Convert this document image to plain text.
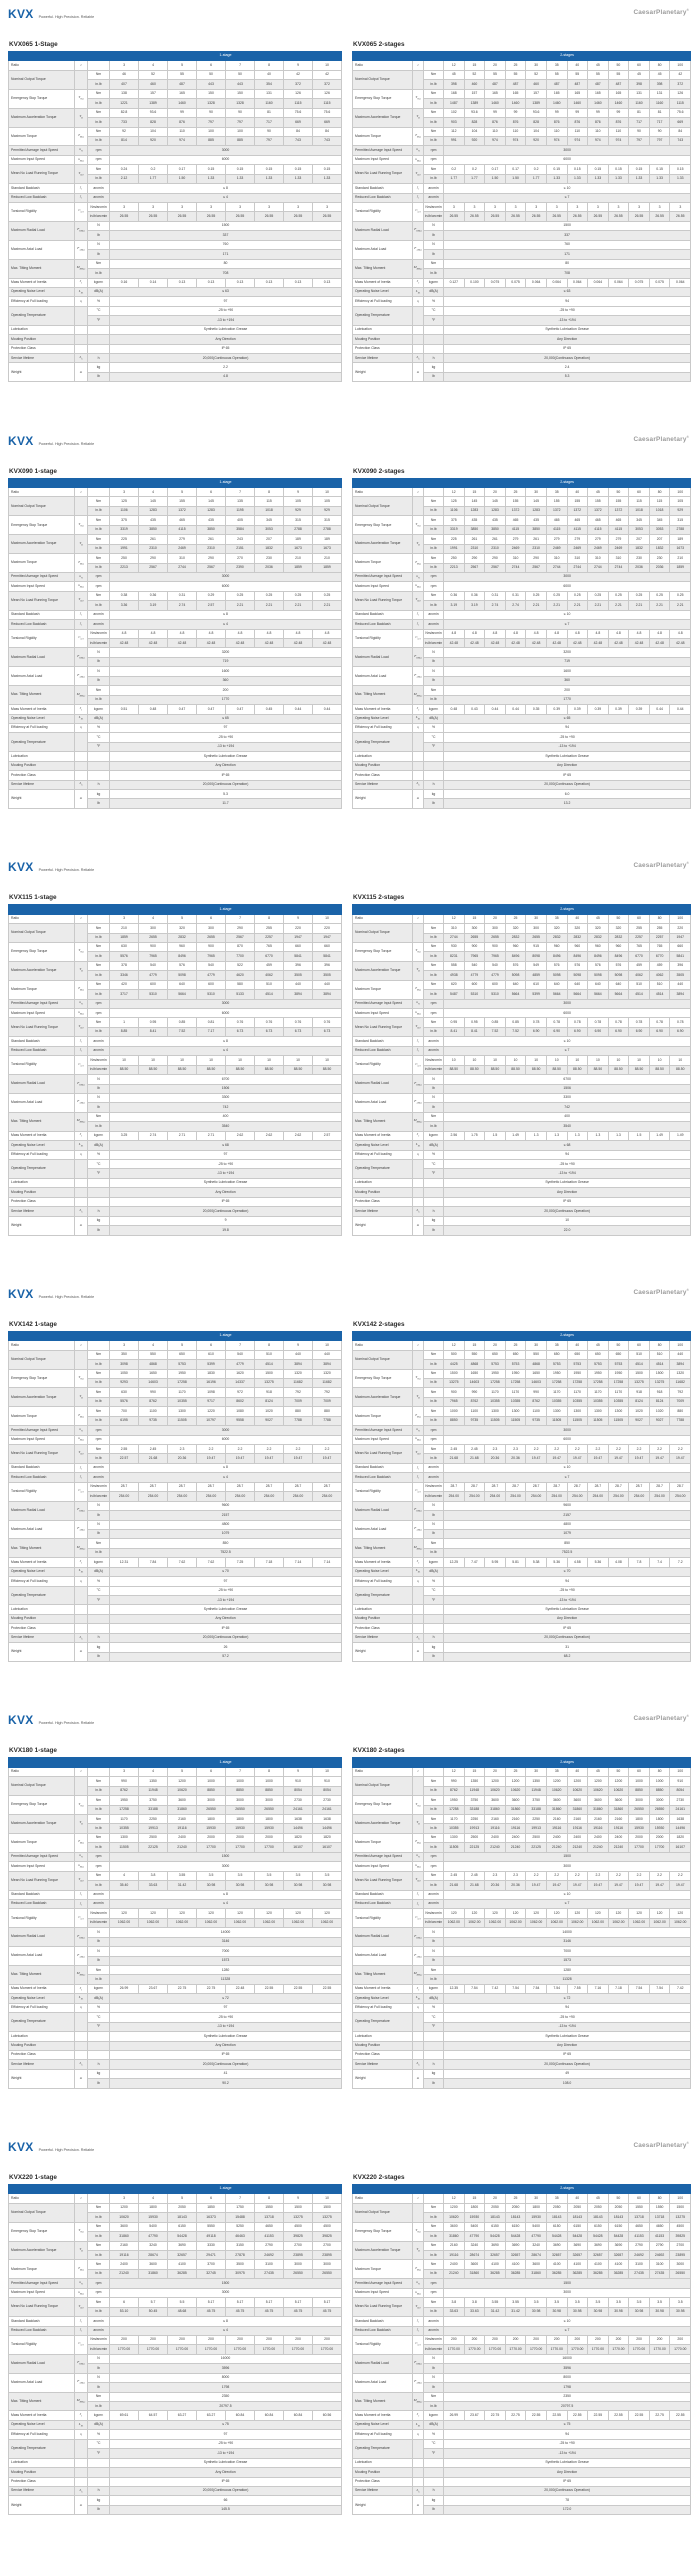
KVX Powerful. High Precision. Reliable
CaesarPlanetary®
KVX065 1-Stage
			1-stage							
Ratio	i		3	4	5	6	7	8	9	10
Nominal Output Torque		Nm	46	52	55	50	50	40	42	42
		in.lb	407	460	487	443	443	354	372	372
Emergency Stop Torque	$T_{Not}$	Nm	138	157	165	150	150	131	126	126
		in.lb	1221	1389	1460	1328	1328	1160	1115	1115
Maximum Acceleration Torque	$T_B$	Nm	82.8	93.6	99	90	90	81	75.6	75.6
		in.lb	733	828	876	797	797	717	669	669
Maximum Torque	$T_{Max}$	Nm	92	104	110	100	100	90	84	84
		in.lb	814	920	974	885	885	797	743	743
Permitted Average Input Speed	$n_N$	rpm	3000							
Maximum Input Speed	$n_{Max}$	rpm	6000							
Mean No Load Running Torque	$T_{012}$	Nm	0.24	0.2	0.17	0.15	0.15	0.15	0.15	0.15
		in.lb	2.12	1.77	1.50	1.33	1.33	1.33	1.33	1.33
Standard Backlash	$j_t$	arcmin	≤ 8							
Reduced Low Backlash	$j_t$	arcmin	≤ 4							
Torsional Rigidity	$C_{t21}$	Nm/arcmin	3	3	3	3	3	3	3	3
		in.lb/arcmin	26.55	26.55	26.55	26.55	26.55	26.55	26.55	26.55
Maximum Radial Load	$F_{RMax}$	N	1500							
		lb	337							
Maximum Axial Load	$F_{AMax}$	N	760							
		lb	171							
Max. Tilting Moment	$M_{KMax}$	Nm	80							
		in.lb	708							
Mass Moment of Inertia	$J_1$	kgcm²	0.16	0.14	0.13	0.13	0.13	0.13	0.13	0.13
Operating Noise Level	$L_{PA}$	dB(A)	≤ 63							
Efficiency at Full loading	η	%	97							
Operating Temperature		°C	-25 to +90							
		°F	-13 to +194							
Lubrication			Synthetic Lubrication Grease							
Mouting Position			Any Direction							
Protection Class			IP 65							
Service lifetime	$L_h$	h	20,000(Continuous Operation)							
Weight	m	kg	2.2							
		lb	4.8							
KVX065 2-stages
			2-stages											
Ratio	i		12	15	20	25	30	35	40	45	50	60	80	100
Nominal Output Torque		Nm	45	52	55	55	52	55	55	55	55	45	45	42
		in.lb	398	460	487	487	460	487	487	487	487	398	398	372
Emergency Stop Torque	$T_{Not}$	Nm	168	157	165	165	157	165	165	165	165	131	131	126
		in.lb	1487	1389	1460	1460	1389	1460	1460	1460	1460	1160	1160	1115
Maximum Acceleration Torque	$T_B$	Nm	102	93.6	99	99	93.6	99	99	99	99	81	81	75.6
		in.lb	903	828	876	876	828	876	876	876	876	717	717	669
Maximum Torque	$T_{Max}$	Nm	112	104	110	110	104	110	110	110	110	90	90	84
		in.lb	991	920	974	974	920	974	974	974	974	797	797	743
Permitted Average Input Speed	$n_N$	rpm	3000											
Maximum Input Speed	$n_{Max}$	rpm	6000											
Mean No Load Running Torque	$T_{012}$	Nm	0.2	0.2	0.17	0.17	0.2	0.15	0.15	0.15	0.15	0.15	0.15	0.15
		in.lb	1.77	1.77	1.50	1.50	1.77	1.33	1.33	1.33	1.33	1.33	1.33	1.33
Standard Backlash	$j_t$	arcmin	≤ 10											
Reduced Low Backlash	$j_t$	arcmin	≤ 7											
Torsional Rigidity	$C_{t21}$	Nm/arcmin	3	3	3	3	3	3	3	3	3	3	3	3
		in.lb/arcmin	26.55	26.55	26.55	26.55	26.55	26.55	26.55	26.55	26.55	26.55	26.55	26.55
Maximum Radial Load	$F_{RMax}$	N	1500											
		lb	337											
Maximum Axial Load	$F_{AMax}$	N	760											
		lb	171											
Max. Tilting Moment	$M_{KMax}$	Nm	80											
		in.lb	708											
Mass Moment of Inertia	$J_1$	kgcm²	0.127	0.100	0.075	0.075	0.064	0.064	0.064	0.064	0.064	0.075	0.075	0.064
Operating Noise Level	$L_{PA}$	dB(A)	≤ 63											
Efficiency at Full loading	η	%	94											
Operating Temperature		°C	-25 to +90											
		°F	-13 to +194											
Lubrication			Synthetic Lubrication Grease											
Mouting Position			Any Direction											
Protection Class			IP 65											
Service lifetime	$L_h$	h	20,000(Continuous Operation)											
Weight	m	kg	2.4											
		lb	5.3											
KVX Powerful. High Precision. Reliable
CaesarPlanetary®
KVX090 1-stage
			1-stage							
Ratio	i		3	4	5	6	7	8	9	10
Nominal Output Torque		Nm	125	145	155	145	135	115	105	105
		in.lb	1106	1283	1372	1283	1195	1018	929	929
Emergency Stop Torque	$T_{Not}$	Nm	375	435	465	435	405	345	315	315
		in.lb	3319	3850	4115	3850	3584	3053	2788	2788
Maximum Acceleration Torque	$T_B$	Nm	225	261	279	261	243	207	189	189
		in.lb	1991	2310	2469	2310	2151	1832	1673	1673
Maximum Torque	$T_{Max}$	Nm	250	290	310	290	270	230	210	210
		in.lb	2213	2567	2744	2567	2390	2036	1859	1859
Permitted Average Input Speed	$n_N$	rpm	3000							
Maximum Input Speed	$n_{Max}$	rpm	6000							
Mean No Load Running Torque	$T_{012}$	Nm	0.38	0.36	0.31	0.29	0.25	0.25	0.25	0.25
		in.lb	3.36	3.19	2.74	2.57	2.21	2.21	2.21	2.21
Standard Backlash	$j_t$	arcmin	≤ 8							
Reduced Low Backlash	$j_t$	arcmin	≤ 4							
Torsional Rigidity	$C_{t21}$	Nm/arcmin	4.8	4.8	4.8	4.8	4.8	4.8	4.8	4.8
		in.lb/arcmin	42.48	42.48	42.48	42.48	42.48	42.48	42.48	42.48
Maximum Radial Load	$F_{RMax}$	N	3200							
		lb	719							
Maximum Axial Load	$F_{AMax}$	N	1600							
		lb	360							
Max. Tilting Moment	$M_{KMax}$	Nm	200							
		in.lb	1770							
Mass Moment of Inertia	$J_1$	kgcm²	0.51	0.48	0.47	0.47	0.47	0.45	0.44	0.44
Operating Noise Level	$L_{PA}$	dB(A)	≤ 65							
Efficiency at Full loading	η	%	97							
Operating Temperature		°C	-25 to +90							
		°F	-13 to +194							
Lubrication			Synthetic Lubrication Grease							
Mouting Position			Any Direction							
Protection Class			IP 65							
Service lifetime	$L_h$	h	20,000(Continuous Operation)							
Weight	m	kg	5.3							
		lb	11.7							
KVX090 2-stages
			2-stages											
Ratio	i		12	15	20	25	30	35	40	45	50	60	80	100
Nominal Output Torque		Nm	125	145	145	155	145	155	155	155	155	115	115	105
		in.lb	1106	1283	1283	1372	1283	1372	1372	1372	1372	1018	1018	929
Emergency Stop Torque	$T_{Not}$	Nm	375	435	435	465	435	465	465	465	465	345	345	315
		in.lb	3319	3850	3850	4115	3850	4115	4115	4115	4115	3053	3053	2788
Maximum Acceleration Torque	$T_B$	Nm	225	261	261	279	261	279	279	279	279	207	207	189
		in.lb	1991	2310	2310	2469	2310	2469	2469	2469	2469	1832	1832	1673
Maximum Torque	$T_{Max}$	Nm	250	290	290	310	290	310	310	310	310	230	230	210
		in.lb	2213	2567	2567	2744	2567	2744	2744	2744	2744	2036	2036	1859
Permitted Average Input Speed	$n_N$	rpm	3000											
Maximum Input Speed	$n_{Max}$	rpm	6000											
Mean No Load Running Torque	$T_{012}$	Nm	0.36	0.36	0.31	0.31	0.25	0.25	0.25	0.25	0.25	0.25	0.25	0.25
		in.lb	3.19	3.19	2.74	2.74	2.21	2.21	2.21	2.21	2.21	2.21	2.21	2.21
Standard Backlash	$j_t$	arcmin	≤ 10											
Reduced Low Backlash	$j_t$	arcmin	≤ 7											
Torsional Rigidity	$C_{t21}$	Nm/arcmin	4.8	4.8	4.8	4.8	4.8	4.8	4.8	4.8	4.8	4.8	4.8	4.8
		in.lb/arcmin	42.48	42.48	42.48	42.48	42.48	42.48	42.48	42.48	42.48	42.48	42.48	42.48
Maximum Radial Load	$F_{RMax}$	N	3200											
		lb	719											
Maximum Axial Load	$F_{AMax}$	N	1600											
		lb	360											
Max. Tilting Moment	$M_{KMax}$	Nm	200											
		in.lb	1770											
Mass Moment of Inertia	$J_1$	kgcm²	0.48	0.43	0.44	0.44	0.35	0.39	0.39	0.39	0.39	0.39	0.44	0.44
Operating Noise Level	$L_{PA}$	dB(A)	≤ 65											
Efficiency at Full loading	η	%	94											
Operating Temperature		°C	-25 to +90											
		°F	-13 to +194											
Lubrication			Synthetic Lubrication Grease											
Mouting Position			Any Direction											
Protection Class			IP 65											
Service lifetime	$L_h$	h	20,000(Continuous Operation)											
Weight	m	kg	6.0											
		lb	13.2											
KVX Powerful. High Precision. Reliable
CaesarPlanetary®
KVX115 1-stage
			1-stage							
Ratio	i		3	4	5	6	7	8	9	10
Nominal Output Torque		Nm	210	300	320	300	290	255	220	220
		in.lb	1859	2655	2832	2655	2567	2257	1947	1947
Emergency Stop Torque	$T_{Not}$	Nm	630	900	960	900	870	765	660	660
		in.lb	5576	7965	8496	7965	7700	6770	5841	5841
Maximum Acceleration Torque	$T_B$	Nm	378	540	576	540	522	459	396	396
		in.lb	3346	4779	5098	4779	4620	4062	3505	3505
Maximum Torque	$T_{Max}$	Nm	420	600	640	600	580	510	440	440
		in.lb	3717	5310	5664	5310	5133	4514	3894	3894
Permitted Average Input Speed	$n_N$	rpm	3000							
Maximum Input Speed	$n_{Max}$	rpm	6000							
Mean No Load Running Torque	$T_{012}$	Nm	1	0.95	0.85	0.81	0.76	0.76	0.76	0.76
		in.lb	8.85	8.41	7.52	7.17	6.73	6.73	6.73	6.73
Standard Backlash	$j_t$	arcmin	≤ 8							
Reduced Low Backlash	$j_t$	arcmin	≤ 4							
Torsional Rigidity	$C_{t21}$	Nm/arcmin	10	10	10	10	10	10	10	10
		in.lb/arcmin	88.50	88.50	88.50	88.50	88.50	88.50	88.50	88.50
Maximum Radial Load	$F_{RMax}$	N	6700							
		lb	1506							
Maximum Axial Load	$F_{AMax}$	N	3300							
		lb	742							
Max. Tilting Moment	$M_{KMax}$	Nm	400							
		in.lb	3540							
Mass Moment of Inertia	$J_1$	kgcm²	3.25	2.74	2.71	2.71	2.62	2.62	2.62	2.57
Operating Noise Level	$L_{PA}$	dB(A)	≤ 68							
Efficiency at Full loading	η	%	97							
Operating Temperature		°C	-25 to +90							
		°F	-13 to +194							
Lubrication			Synthetic Lubrication Grease							
Mouting Position			Any Direction							
Protection Class			IP 65							
Service lifetime	$L_h$	h	20,000(Continuous Operation)							
Weight	m	kg	9							
		lb	19.8							
KVX115 2-stages
			2-stages											
Ratio	i		12	15	20	25	30	35	40	45	50	60	80	100
Nominal Output Torque		Nm	310	300	300	320	300	320	320	320	320	255	255	220
		in.lb	2744	2655	2655	2832	2655	2832	2832	2832	2832	2257	2257	1947
Emergency Stop Torque	$T_{Not}$	Nm	930	900	900	960	915	960	960	960	960	765	765	660
		in.lb	8231	7965	7965	8496	8098	8496	8496	8496	8496	6770	6770	5841
Maximum Acceleration Torque	$T_B$	Nm	558	540	540	576	549	576	576	576	576	459	459	396
		in.lb	4938	4779	4779	5098	4859	5098	5098	5098	5098	4062	4062	3505
Maximum Torque	$T_{Max}$	Nm	620	600	600	640	610	640	640	640	640	510	510	440
		in.lb	5487	5310	5310	5664	5399	5664	5664	5664	5664	4514	4514	3894
Permitted Average Input Speed	$n_N$	rpm	3000											
Maximum Input Speed	$n_{Max}$	rpm	6000											
Mean No Load Running Torque	$T_{012}$	Nm	0.95	0.95	0.85	0.85	0.78	0.78	0.78	0.78	0.78	0.78	0.78	0.78
		in.lb	8.41	8.41	7.52	7.52	6.90	6.90	6.90	6.90	6.90	6.90	6.90	6.90
Standard Backlash	$j_t$	arcmin	≤ 10											
Reduced Low Backlash	$j_t$	arcmin	≤ 7											
Torsional Rigidity	$C_{t21}$	Nm/arcmin	10	10	10	10	10	10	10	10	10	10	10	10
		in.lb/arcmin	88.50	88.50	88.50	88.50	88.50	88.50	88.50	88.50	88.50	88.50	88.50	88.50
Maximum Radial Load	$F_{RMax}$	N	6700											
		lb	1506											
Maximum Axial Load	$F_{AMax}$	N	3300											
		lb	742											
Max. Tilting Moment	$M_{KMax}$	Nm	400											
		in.lb	3540											
Mass Moment of Inertia	$J_1$	kgcm²	2.56	1.75	1.5	1.49	1.3	1.3	1.3	1.3	1.3	1.5	1.49	1.49
Operating Noise Level	$L_{PA}$	dB(A)	≤ 68											
Efficiency at Full loading	η	%	94											
Operating Temperature		°C	-25 to +90											
		°F	-13 to +194											
Lubrication			Synthetic Lubrication Grease											
Mouting Position			Any Direction											
Protection Class			IP 65											
Service lifetime	$L_h$	h	20,000(Continuous Operation)											
Weight	m	kg	10											
		lb	22.0											
KVX Powerful. High Precision. Reliable
CaesarPlanetary®
KVX142 1-stage
			1-stage							
Ratio	i		3	4	5	6	7	8	9	10
Nominal Output Torque		Nm	350	550	650	610	540	510	440	440
		in.lb	3098	4868	5753	5399	4779	4514	3894	3894
Emergency Stop Torque	$T_{Not}$	Nm	1050	1650	1950	1830	1620	1500	1320	1320
		in.lb	9293	14603	17258	16196	14337	13275	11682	11682
Maximum Acceleration Torque	$T_B$	Nm	630	990	1170	1098	972	918	792	792
		in.lb	5576	8762	10355	9717	8602	8124	7009	7009
Maximum Torque	$T_{Max}$	Nm	700	1100	1300	1220	1080	1020	880	880
		in.lb	6195	9735	11505	10797	9558	9027	7788	7788
Permitted Average Input Speed	$n_N$	rpm	3000							
Maximum Input Speed	$n_{Max}$	rpm	6000							
Mean No Load Running Torque	$T_{012}$	Nm	2.55	2.45	2.3	2.2	2.2	2.2	2.2	2.2
		in.lb	22.57	21.68	20.36	19.47	19.47	19.47	19.47	19.47
Standard Backlash	$j_t$	arcmin	≤ 8							
Reduced Low Backlash	$j_t$	arcmin	≤ 4							
Torsional Rigidity	$C_{t21}$	Nm/arcmin	28.7	28.7	28.7	28.7	28.7	28.7	28.7	28.7
		in.lb/arcmin	254.00	254.00	254.00	254.00	254.00	254.00	254.00	254.00
Maximum Radial Load	$F_{RMax}$	N	9600							
		lb	2157							
Maximum Axial Load	$F_{AMax}$	N	4800							
		lb	1079							
Max. Tilting Moment	$M_{KMax}$	Nm	850							
		in.lb	7522.5							
Mass Moment of Inertia	$J_1$	kgcm²	12.31	7.84	7.62	7.62	7.25	7.18	7.14	7.14
Operating Noise Level	$L_{PA}$	dB(A)	≤ 70							
Efficiency at Full loading	η	%	97							
Operating Temperature		°C	-25 to +90							
		°F	-13 to +194							
Lubrication			Synthetic Lubrication Grease							
Mouting Position			Any Direction							
Protection Class			IP 65							
Service lifetime	$L_h$	h	20,000(Continuous Operation)							
Weight	m	kg	26							
		lb	57.2							
KVX142 2-stages
			2-stages											
Ratio	i		12	15	20	25	30	35	40	45	50	60	80	100
Nominal Output Torque		Nm	500	550	650	650	550	650	650	650	650	510	510	440
		in.lb	4425	4868	5753	5753	4868	5753	5753	5753	5753	4514	4514	3894
Emergency Stop Torque	$T_{Not}$	Nm	1500	1650	1950	1950	1650	1950	1950	1950	1950	1500	1500	1320
		in.lb	13275	14603	17258	17258	14603	17258	17258	17258	17258	13275	13275	11682
Maximum Acceleration Torque	$T_B$	Nm	900	990	1170	1170	990	1170	1170	1170	1170	918	918	792
		in.lb	7965	8762	10355	10355	8762	10355	10355	10355	10355	8124	8124	7009
Maximum Torque	$T_{Max}$	Nm	1000	1100	1300	1300	1100	1300	1300	1300	1300	1020	1020	880
		in.lb	8850	9735	11505	11505	9735	11505	11505	11505	11505	9027	9027	7788
Permitted Average Input Speed	$n_N$	rpm	3000											
Maximum Input Speed	$n_{Max}$	rpm	6000											
Mean No Load Running Torque	$T_{012}$	Nm	2.45	2.45	2.3	2.3	2.2	2.2	2.2	2.2	2.2	2.2	2.2	2.2
		in.lb	21.68	21.68	20.36	20.36	19.47	19.47	19.47	19.47	19.47	19.47	19.47	19.47
Standard Backlash	$j_t$	arcmin	≤ 10											
Reduced Low Backlash	$j_t$	arcmin	≤ 7											
Torsional Rigidity	$C_{t21}$	Nm/arcmin	28.7	28.7	28.7	28.7	28.7	28.7	28.7	28.7	28.7	28.7	28.7	28.7
		in.lb/arcmin	254.00	254.00	254.00	254.00	254.00	254.00	254.00	254.00	254.00	254.00	254.00	254.00
Maximum Radial Load	$F_{RMax}$	N	9600											
		lb	2157											
Maximum Axial Load	$F_{AMax}$	N	4800											
		lb	1079											
Max. Tilting Moment	$M_{KMax}$	Nm	850											
		in.lb	7522.5											
Mass Moment of Inertia	$J_1$	kgcm²	12.25	7.47	5.95	5.81	5.38	5.36	4.58	5.36	4.08	7.8	7.4	7.2
Operating Noise Level	$L_{PA}$	dB(A)	≤ 70											
Efficiency at Full loading	η	%	94											
Operating Temperature		°C	-25 to +90											
		°F	-13 to +194											
Lubrication			Synthetic Lubrication Grease											
Mouting Position			Any Direction											
Protection Class			IP 65											
Service lifetime	$L_h$	h	20,000(Continuous Operation)											
Weight	m	kg	31											
		lb	68.2											
KVX Powerful. High Precision. Reliable
CaesarPlanetary®
KVX180 1-stage
			1-stage							
Ratio	i		3	4	5	6	7	8	9	10
Nominal Output Torque		Nm	990	1350	1200	1000	1000	1000	910	910
		in.lb	8762	11948	10620	8850	8850	8850	8054	8054
Emergency Stop Torque	$T_{Not}$	Nm	1950	3750	3600	3000	3000	3000	2730	2730
		in.lb	17258	33188	31860	26550	26550	26550	24161	24161
Maximum Acceleration Torque	$T_B$	Nm	1170	2250	2160	1800	1800	1800	1638	1638
		in.lb	10355	19913	19116	15930	15930	15930	14496	14496
Maximum Torque	$T_{Max}$	Nm	1300	2500	2400	2000	2000	2000	1820	1820
		in.lb	11505	22125	21240	17700	17700	17700	16107	16107
Permitted Average Input Speed	$n_N$	rpm	1500							
Maximum Input Speed	$n_{Max}$	rpm	3000							
Mean No Load Running Torque	$T_{012}$	Nm	4	3.8	3.55	3.5	3.5	3.5	3.5	3.5
		in.lb	35.40	33.63	31.42	30.98	30.98	30.98	30.98	30.98
Standard Backlash	$j_t$	arcmin	≤ 8							
Reduced Low Backlash	$j_t$	arcmin	≤ 4							
Torsional Rigidity	$C_{t21}$	Nm/arcmin	120	120	120	120	120	120	120	120
		in.lb/arcmin	1062.00	1062.00	1062.00	1062.00	1062.00	1062.00	1062.00	1062.00
Maximum Radial Load	$F_{RMax}$	N	14000							
		lb	3146							
Maximum Axial Load	$F_{AMax}$	N	7000							
		lb	1573							
Max. Tilting Moment	$M_{KMax}$	Nm	1280							
		in.lb	11328							
Mass Moment of Inertia	$J_1$	kgcm²	26.99	23.67	22.75	22.75	22.48	22.55	22.55	22.55
Operating Noise Level	$L_{PA}$	dB(A)	≤ 72							
Efficiency at Full loading	η	%	97							
Operating Temperature		°C	-25 to +90							
		°F	-13 to +194							
Lubrication			Synthetic Lubrication Grease							
Mouting Position			Any Direction							
Protection Class			IP 65							
Service lifetime	$L_h$	h	20,000(Continuous Operation)							
Weight	m	kg	41							
		lb	90.2							
KVX180 2-stages
			2-stages											
Ratio	i		12	15	20	25	30	35	40	45	50	60	80	100
Nominal Output Torque		Nm	990	1350	1200	1200	1350	1200	1200	1200	1200	1000	1000	910
		in.lb	8762	11948	10620	10620	11948	10620	10620	10620	10620	8850	8850	8054
Emergency Stop Torque	$T_{Not}$	Nm	1950	3750	3600	3600	3750	3600	3600	3600	3600	3000	3000	2730
		in.lb	17258	33188	31860	31860	33188	31860	31860	31860	31860	26550	26550	24161
Maximum Acceleration Torque	$T_B$	Nm	1170	2250	2160	2160	2250	2160	2160	2160	2160	1800	1800	1638
		in.lb	10355	19913	19116	19116	19913	19116	19116	19116	19116	15930	15930	14496
Maximum Torque	$T_{Max}$	Nm	1300	2500	2400	2400	2500	2400	2400	2400	2400	2000	2000	1820
		in.lb	11505	22125	21240	21240	22125	21240	21240	21240	21240	17700	17700	16107
Permitted Average Input Speed	$n_N$	rpm	1500											
Maximum Input Speed	$n_{Max}$	rpm	3000											
Mean No Load Running Torque	$T_{012}$	Nm	2.45	2.45	2.3	2.3	2.2	2.2	2.2	2.2	2.2	2.2	2.2	2.2
		in.lb	21.68	21.68	20.36	20.36	19.47	19.47	19.47	19.47	19.47	19.47	19.47	19.47
Standard Backlash	$j_t$	arcmin	≤ 10											
Reduced Low Backlash	$j_t$	arcmin	≤ 7											
Torsional Rigidity	$C_{t21}$	Nm/arcmin	120	120	120	120	120	120	120	120	120	120	120	120
		in.lb/arcmin	1062.00	1062.00	1062.00	1062.00	1062.00	1062.00	1062.00	1062.00	1062.00	1062.00	1062.00	1062.00
Maximum Radial Load	$F_{RMax}$	N	14000											
		lb	3146											
Maximum Axial Load	$F_{AMax}$	N	7000											
		lb	1573											
Max. Tilting Moment	$M_{KMax}$	Nm	1280											
		in.lb	11328											
Mass Moment of Inertia	$J_1$	kgcm²	12.35	7.54	7.42	7.54	7.54	7.54	7.55	7.16	7.18	7.54	7.54	7.42
Operating Noise Level	$L_{PA}$	dB(A)	≤ 72											
Efficiency at Full loading	η	%	94											
Operating Temperature		°C	-25 to +90											
		°F	-13 to +194											
Lubrication			Synthetic Lubrication Grease											
Mouting Position			Any Direction											
Protection Class			IP 65											
Service lifetime	$L_h$	h	20,000(Continuous Operation)											
Weight	m	kg	49											
		lb	108.0											
KVX Powerful. High Precision. Reliable
CaesarPlanetary®
KVX220 1-stage
			1-stage							
Ratio	i		3	4	5	6	7	8	9	10
Nominal Output Torque		Nm	1200	1800	2050	1850	1750	1550	1500	1500
		in.lb	10620	15930	18143	16373	15488	13718	13275	13275
Emergency Stop Torque	$T_{Not}$	Nm	3600	5400	6150	5550	5250	4650	4500	4500
		in.lb	31860	47790	54428	49118	46463	41153	39825	39825
Maximum Acceleration Torque	$T_B$	Nm	2160	3240	3690	3330	3150	2790	2700	2700
		in.lb	19116	28674	32657	29471	27878	24692	23895	23895
Maximum Torque	$T_{Max}$	Nm	2400	3600	4100	3700	3500	3100	3000	3000
		in.lb	21240	31860	36285	32745	30975	27435	26550	26550
Permitted Average Input Speed	$n_N$	rpm	1500							
Maximum Input Speed	$n_{Max}$	rpm	3000							
Mean No Load Running Torque	$T_{012}$	Nm	6	5.7	5.5	5.17	5.17	5.17	5.17	5.17
		in.lb	53.10	50.45	48.68	45.75	45.75	45.75	45.75	45.75
Standard Backlash	$j_t$	arcmin	≤ 8							
Reduced Low Backlash	$j_t$	arcmin	≤ 4							
Torsional Rigidity	$C_{t21}$	Nm/arcmin	200	200	200	200	200	200	200	200
		in.lb/arcmin	1770.00	1770.00	1770.00	1770.00	1770.00	1770.00	1770.00	1770.00
Maximum Radial Load	$F_{RMax}$	N	16000							
		lb	3596							
Maximum Axial Load	$F_{AMax}$	N	8000							
		lb	1798							
Max. Tilting Moment	$M_{KMax}$	Nm	2350							
		in.lb	20797.5							
Mass Moment of Inertia	$J_1$	kgcm²	69.61	64.57	63.27	63.27	60.84	60.84	60.84	60.56
Operating Noise Level	$L_{PA}$	dB(A)	≤ 75							
Efficiency at Full loading	η	%	97							
Operating Temperature		°C	-25 to +90							
		°F	-13 to +194							
Lubrication			Synthetic Lubrication Grease							
Mouting Position			Any Direction							
Protection Class			IP 65							
Service lifetime	$L_h$	h	20,000(Continuous Operation)							
Weight	m	kg	66							
		lb	145.5							
KVX220 2-stages
			2-stages											
Ratio	i		12	15	20	25	30	35	40	45	50	60	80	100
Nominal Output Torque		Nm	1200	1800	2050	2050	1800	2050	2050	2050	2050	1550	1550	1500
		in.lb	10620	15930	18143	18143	15930	18143	18143	18143	18143	13718	13718	13275
Emergency Stop Torque	$T_{Not}$	Nm	3600	5400	6150	6150	5400	6150	6150	6150	6150	4650	4650	4500
		in.lb	31860	47790	54428	54428	47790	54428	54428	54428	54428	41153	41153	39825
Maximum Acceleration Torque	$T_B$	Nm	2160	3240	3690	3690	3240	3690	3690	3690	3690	2790	2790	2700
		in.lb	19116	28674	32657	32657	28674	32657	32657	32657	32657	24692	24692	23895
Maximum Torque	$T_{Max}$	Nm	2400	3600	4100	4100	3600	4100	4100	4100	4100	3100	3100	3000
		in.lb	21240	31860	36285	36285	31860	36285	36285	36285	36285	27435	27435	26550
Permitted Average Input Speed	$n_N$	rpm	1500											
Maximum Input Speed	$n_{Max}$	rpm	3000											
Mean No Load Running Torque	$T_{012}$	Nm	3.8	3.8	3.55	3.55	3.5	3.5	3.5	3.5	3.5	3.5	3.5	3.5
		in.lb	33.63	33.63	31.42	31.42	30.98	30.98	30.98	30.98	30.98	30.98	30.98	30.98
Standard Backlash	$j_t$	arcmin	≤ 10											
Reduced Low Backlash	$j_t$	arcmin	≤ 7											
Torsional Rigidity	$C_{t21}$	Nm/arcmin	200	200	200	200	200	200	200	200	200	200	200	200
		in.lb/arcmin	1770.00	1770.00	1770.00	1770.00	1770.00	1770.00	1770.00	1770.00	1770.00	1770.00	1770.00	1770.00
Maximum Radial Load	$F_{RMax}$	N	16000											
		lb	3596											
Maximum Axial Load	$F_{AMax}$	N	8000											
		lb	1798											
Max. Tilting Moment	$M_{KMax}$	Nm	2350											
		in.lb	20797.5											
Mass Moment of Inertia	$J_1$	kgcm²	26.99	23.67	22.75	22.75	22.55	22.55	22.55	22.55	22.55	22.55	22.75	22.55
Operating Noise Level	$L_{PA}$	dB(A)	≤ 75											
Efficiency at Full loading	η	%	94											
Operating Temperature		°C	-25 to +90											
		°F	-13 to +194											
Lubrication			Synthetic Lubrication Grease											
Mouting Position			Any Direction											
Protection Class			IP 65											
Service lifetime	$L_h$	h	20,000(Continuous Operation)											
Weight	m	kg	78											
		lb	172.0											
